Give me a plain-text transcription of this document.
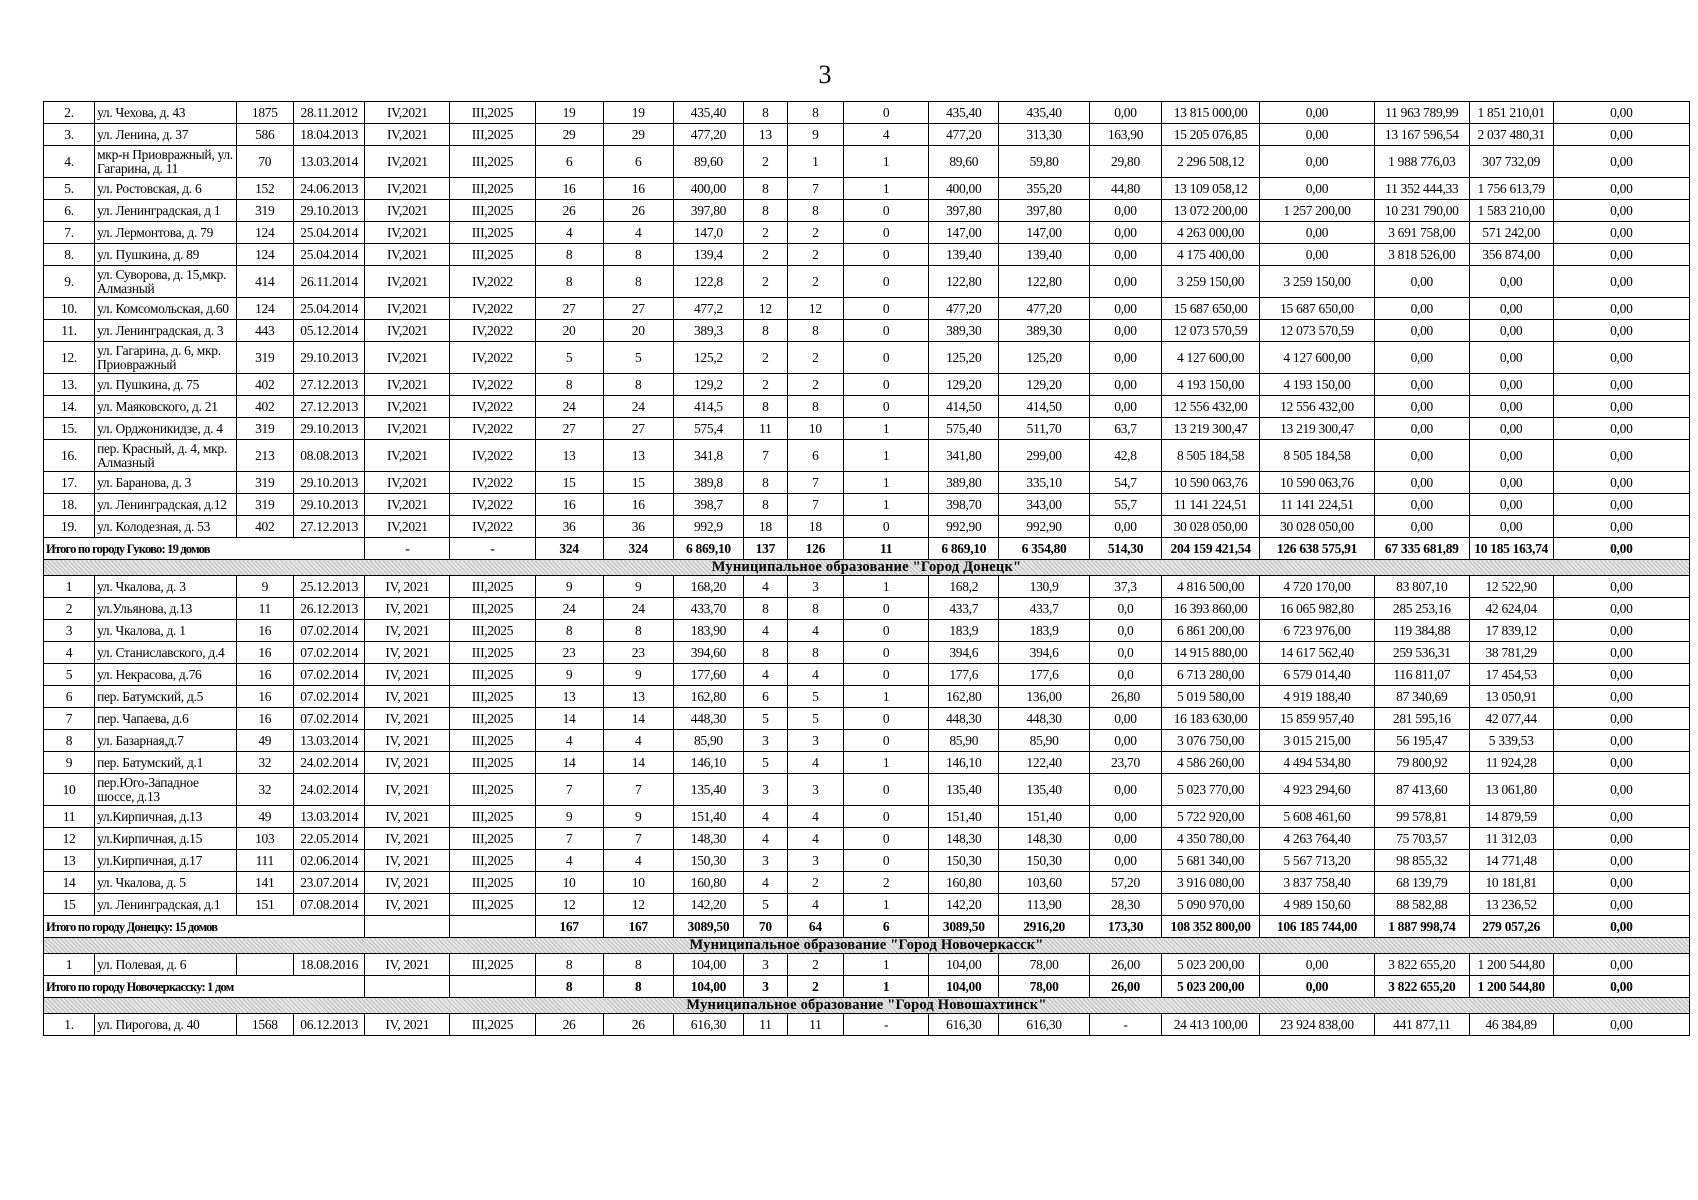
3
2.	ул. Чехова, д. 43	1875	28.11.2012	IV,2021	III,2025	19	19	435,40	8	8	0	435,40	435,40	0,00	13 815 000,00	0,00	11 963 789,99	1 851 210,01	0,00
3.	ул. Ленина, д. 37	586	18.04.2013	IV,2021	III,2025	29	29	477,20	13	9	4	477,20	313,30	163,90	15 205 076,85	0,00	13 167 596,54	2 037 480,31	0,00
4.	мкр-н Приовражный, ул. Гагарина, д. 11	70	13.03.2014	IV,2021	III,2025	6	6	89,60	2	1	1	89,60	59,80	29,80	2 296 508,12	0,00	1 988 776,03	307 732,09	0,00
5.	ул. Ростовская, д. 6	152	24.06.2013	IV,2021	III,2025	16	16	400,00	8	7	1	400,00	355,20	44,80	13 109 058,12	0,00	11 352 444,33	1 756 613,79	0,00
6.	ул. Ленинградская, д 1	319	29.10.2013	IV,2021	III,2025	26	26	397,80	8	8	0	397,80	397,80	0,00	13 072 200,00	1 257 200,00	10 231 790,00	1 583 210,00	0,00
7.	ул. Лермонтова, д. 79	124	25.04.2014	IV,2021	III,2025	4	4	147,0	2	2	0	147,00	147,00	0,00	4 263 000,00	0,00	3 691 758,00	571 242,00	0,00
8.	ул. Пушкина, д. 89	124	25.04.2014	IV,2021	III,2025	8	8	139,4	2	2	0	139,40	139,40	0,00	4 175 400,00	0,00	3 818 526,00	356 874,00	0,00
9.	ул. Суворова, д. 15,мкр. Алмазный	414	26.11.2014	IV,2021	IV,2022	8	8	122,8	2	2	0	122,80	122,80	0,00	3 259 150,00	3 259 150,00	0,00	0,00	0,00
10.	ул. Комсомольская, д.60	124	25.04.2014	IV,2021	IV,2022	27	27	477,2	12	12	0	477,20	477,20	0,00	15 687 650,00	15 687 650,00	0,00	0,00	0,00
11.	ул. Ленинградская, д. 3	443	05.12.2014	IV,2021	IV,2022	20	20	389,3	8	8	0	389,30	389,30	0,00	12 073 570,59	12 073 570,59	0,00	0,00	0,00
12.	ул. Гагарина, д. 6, мкр. Приовражный	319	29.10.2013	IV,2021	IV,2022	5	5	125,2	2	2	0	125,20	125,20	0,00	4 127 600,00	4 127 600,00	0,00	0,00	0,00
13.	ул. Пушкина, д. 75	402	27.12.2013	IV,2021	IV,2022	8	8	129,2	2	2	0	129,20	129,20	0,00	4 193 150,00	4 193 150,00	0,00	0,00	0,00
14.	ул. Маяковского, д. 21	402	27.12.2013	IV,2021	IV,2022	24	24	414,5	8	8	0	414,50	414,50	0,00	12 556 432,00	12 556 432,00	0,00	0,00	0,00
15.	ул. Орджоникидзе, д. 4	319	29.10.2013	IV,2021	IV,2022	27	27	575,4	11	10	1	575,40	511,70	63,7	13 219 300,47	13 219 300,47	0,00	0,00	0,00
16.	пер. Красный, д. 4, мкр. Алмазный	213	08.08.2013	IV,2021	IV,2022	13	13	341,8	7	6	1	341,80	299,00	42,8	8 505 184,58	8 505 184,58	0,00	0,00	0,00
17.	ул. Баранова, д. 3	319	29.10.2013	IV,2021	IV,2022	15	15	389,8	8	7	1	389,80	335,10	54,7	10 590 063,76	10 590 063,76	0,00	0,00	0,00
18.	ул. Ленинградская, д.12	319	29.10.2013	IV,2021	IV,2022	16	16	398,7	8	7	1	398,70	343,00	55,7	11 141 224,51	11 141 224,51	0,00	0,00	0,00
19.	ул. Колодезная, д. 53	402	27.12.2013	IV,2021	IV,2022	36	36	992,9	18	18	0	992,90	992,90	0,00	30 028 050,00	30 028 050,00	0,00	0,00	0,00
Итого по городу Гуково: 19 домов				-	-	324	324	6 869,10	137	126	11	6 869,10	6 354,80	514,30	204 159 421,54	126 638 575,91	67 335 681,89	10 185 163,74	0,00
Муниципальное образование "Город Донецк"																			
1	ул. Чкалова, д. 3	9	25.12.2013	IV, 2021	III,2025	9	9	168,20	4	3	1	168,2	130,9	37,3	4 816 500,00	4 720 170,00	83 807,10	12 522,90	0,00
2	ул.Ульянова, д.13	11	26.12.2013	IV, 2021	III,2025	24	24	433,70	8	8	0	433,7	433,7	0,0	16 393 860,00	16 065 982,80	285 253,16	42 624,04	0,00
3	ул. Чкалова, д. 1	16	07.02.2014	IV, 2021	III,2025	8	8	183,90	4	4	0	183,9	183,9	0,0	6 861 200,00	6 723 976,00	119 384,88	17 839,12	0,00
4	ул. Станиславского, д.4	16	07.02.2014	IV, 2021	III,2025	23	23	394,60	8	8	0	394,6	394,6	0,0	14 915 880,00	14 617 562,40	259 536,31	38 781,29	0,00
5	ул. Некрасова, д.76	16	07.02.2014	IV, 2021	III,2025	9	9	177,60	4	4	0	177,6	177,6	0,0	6 713 280,00	6 579 014,40	116 811,07	17 454,53	0,00
6	пер. Батумский, д.5	16	07.02.2014	IV, 2021	III,2025	13	13	162,80	6	5	1	162,80	136,00	26,80	5 019 580,00	4 919 188,40	87 340,69	13 050,91	0,00
7	пер. Чапаева, д.6	16	07.02.2014	IV, 2021	III,2025	14	14	448,30	5	5	0	448,30	448,30	0,00	16 183 630,00	15 859 957,40	281 595,16	42 077,44	0,00
8	ул. Базарная,д.7	49	13.03.2014	IV, 2021	III,2025	4	4	85,90	3	3	0	85,90	85,90	0,00	3 076 750,00	3 015 215,00	56 195,47	5 339,53	0,00
9	пер. Батумский, д.1	32	24.02.2014	IV, 2021	III,2025	14	14	146,10	5	4	1	146,10	122,40	23,70	4 586 260,00	4 494 534,80	79 800,92	11 924,28	0,00
10	пер.Юго-Западное шоссе, д.13	32	24.02.2014	IV, 2021	III,2025	7	7	135,40	3	3	0	135,40	135,40	0,00	5 023 770,00	4 923 294,60	87 413,60	13 061,80	0,00
11	ул.Кирпичная, д.13	49	13.03.2014	IV, 2021	III,2025	9	9	151,40	4	4	0	151,40	151,40	0,00	5 722 920,00	5 608 461,60	99 578,81	14 879,59	0,00
12	ул.Кирпичная, д.15	103	22.05.2014	IV, 2021	III,2025	7	7	148,30	4	4	0	148,30	148,30	0,00	4 350 780,00	4 263 764,40	75 703,57	11 312,03	0,00
13	ул.Кирпичная, д.17	111	02.06.2014	IV, 2021	III,2025	4	4	150,30	3	3	0	150,30	150,30	0,00	5 681 340,00	5 567 713,20	98 855,32	14 771,48	0,00
14	ул. Чкалова, д. 5	141	23.07.2014	IV, 2021	III,2025	10	10	160,80	4	2	2	160,80	103,60	57,20	3 916 080,00	3 837 758,40	68 139,79	10 181,81	0,00
15	ул. Ленинградская, д.1	151	07.08.2014	IV, 2021	III,2025	12	12	142,20	5	4	1	142,20	113,90	28,30	5 090 970,00	4 989 150,60	88 582,88	13 236,52	0,00
Итого по городу Донецку: 15 домов						167	167	3089,50	70	64	6	3089,50	2916,20	173,30	108 352 800,00	106 185 744,00	1 887 998,74	279 057,26	0,00
Муниципальное образование "Город Новочеркасск"																			
1	ул. Полевая, д. 6		18.08.2016	IV, 2021	III,2025	8	8	104,00	3	2	1	104,00	78,00	26,00	5 023 200,00	0,00	3 822 655,20	1 200 544,80	0,00
Итого по городу Новочеркасску: 1 дом						8	8	104,00	3	2	1	104,00	78,00	26,00	5 023 200,00	0,00	3 822 655,20	1 200 544,80	0,00
Муниципальное образование "Город Новошахтинск"																			
1.	ул. Пирогова, д. 40	1568	06.12.2013	IV, 2021	III,2025	26	26	616,30	11	11	-	616,30	616,30	-	24 413 100,00	23 924 838,00	441 877,11	46 384,89	0,00
